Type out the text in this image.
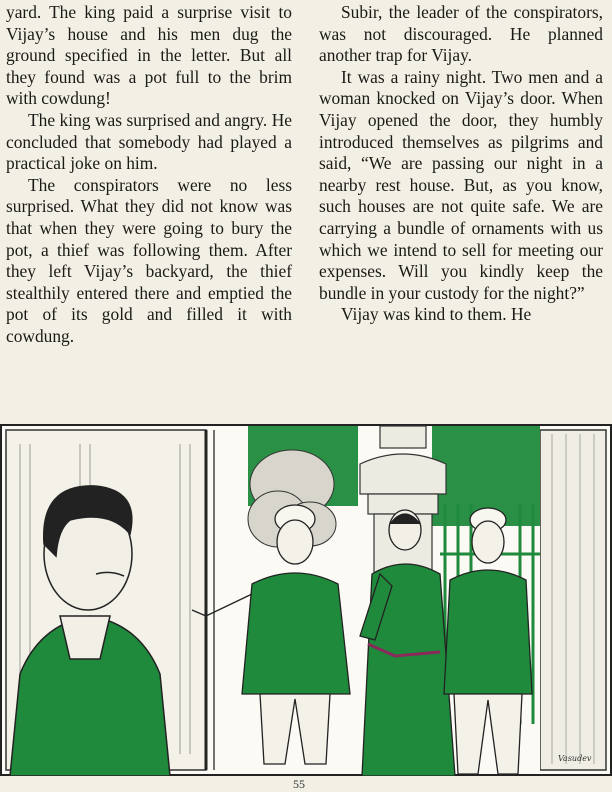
yard. The king paid a surprise visit to Vijay’s house and his men dug the ground specified in the letter. But all they found was a pot full to the brim with cowdung!

The king was surprised and angry. He concluded that somebody had played a practical joke on him.

The conspirators were no less surprised. What they did not know was that when they were going to bury the pot, a thief was following them. After they left Vijay’s backyard, the thief stealthily entered there and emptied the pot of its gold and filled it with cowdung.

Subir, the leader of the conspirators, was not discouraged. He planned another trap for Vijay.

It was a rainy night. Two men and a woman knocked on Vijay’s door. When Vijay opened the door, they humbly introduced themselves as pilgrims and said, “We are passing our night in a nearby rest house. But, as you know, such houses are not quite safe. We are carrying a bundle of ornaments with us which we intend to sell for meeting our expenses. Will you kindly keep the bundle in your custody for the night?”

Vijay was kind to them. He

Vasudev
55
